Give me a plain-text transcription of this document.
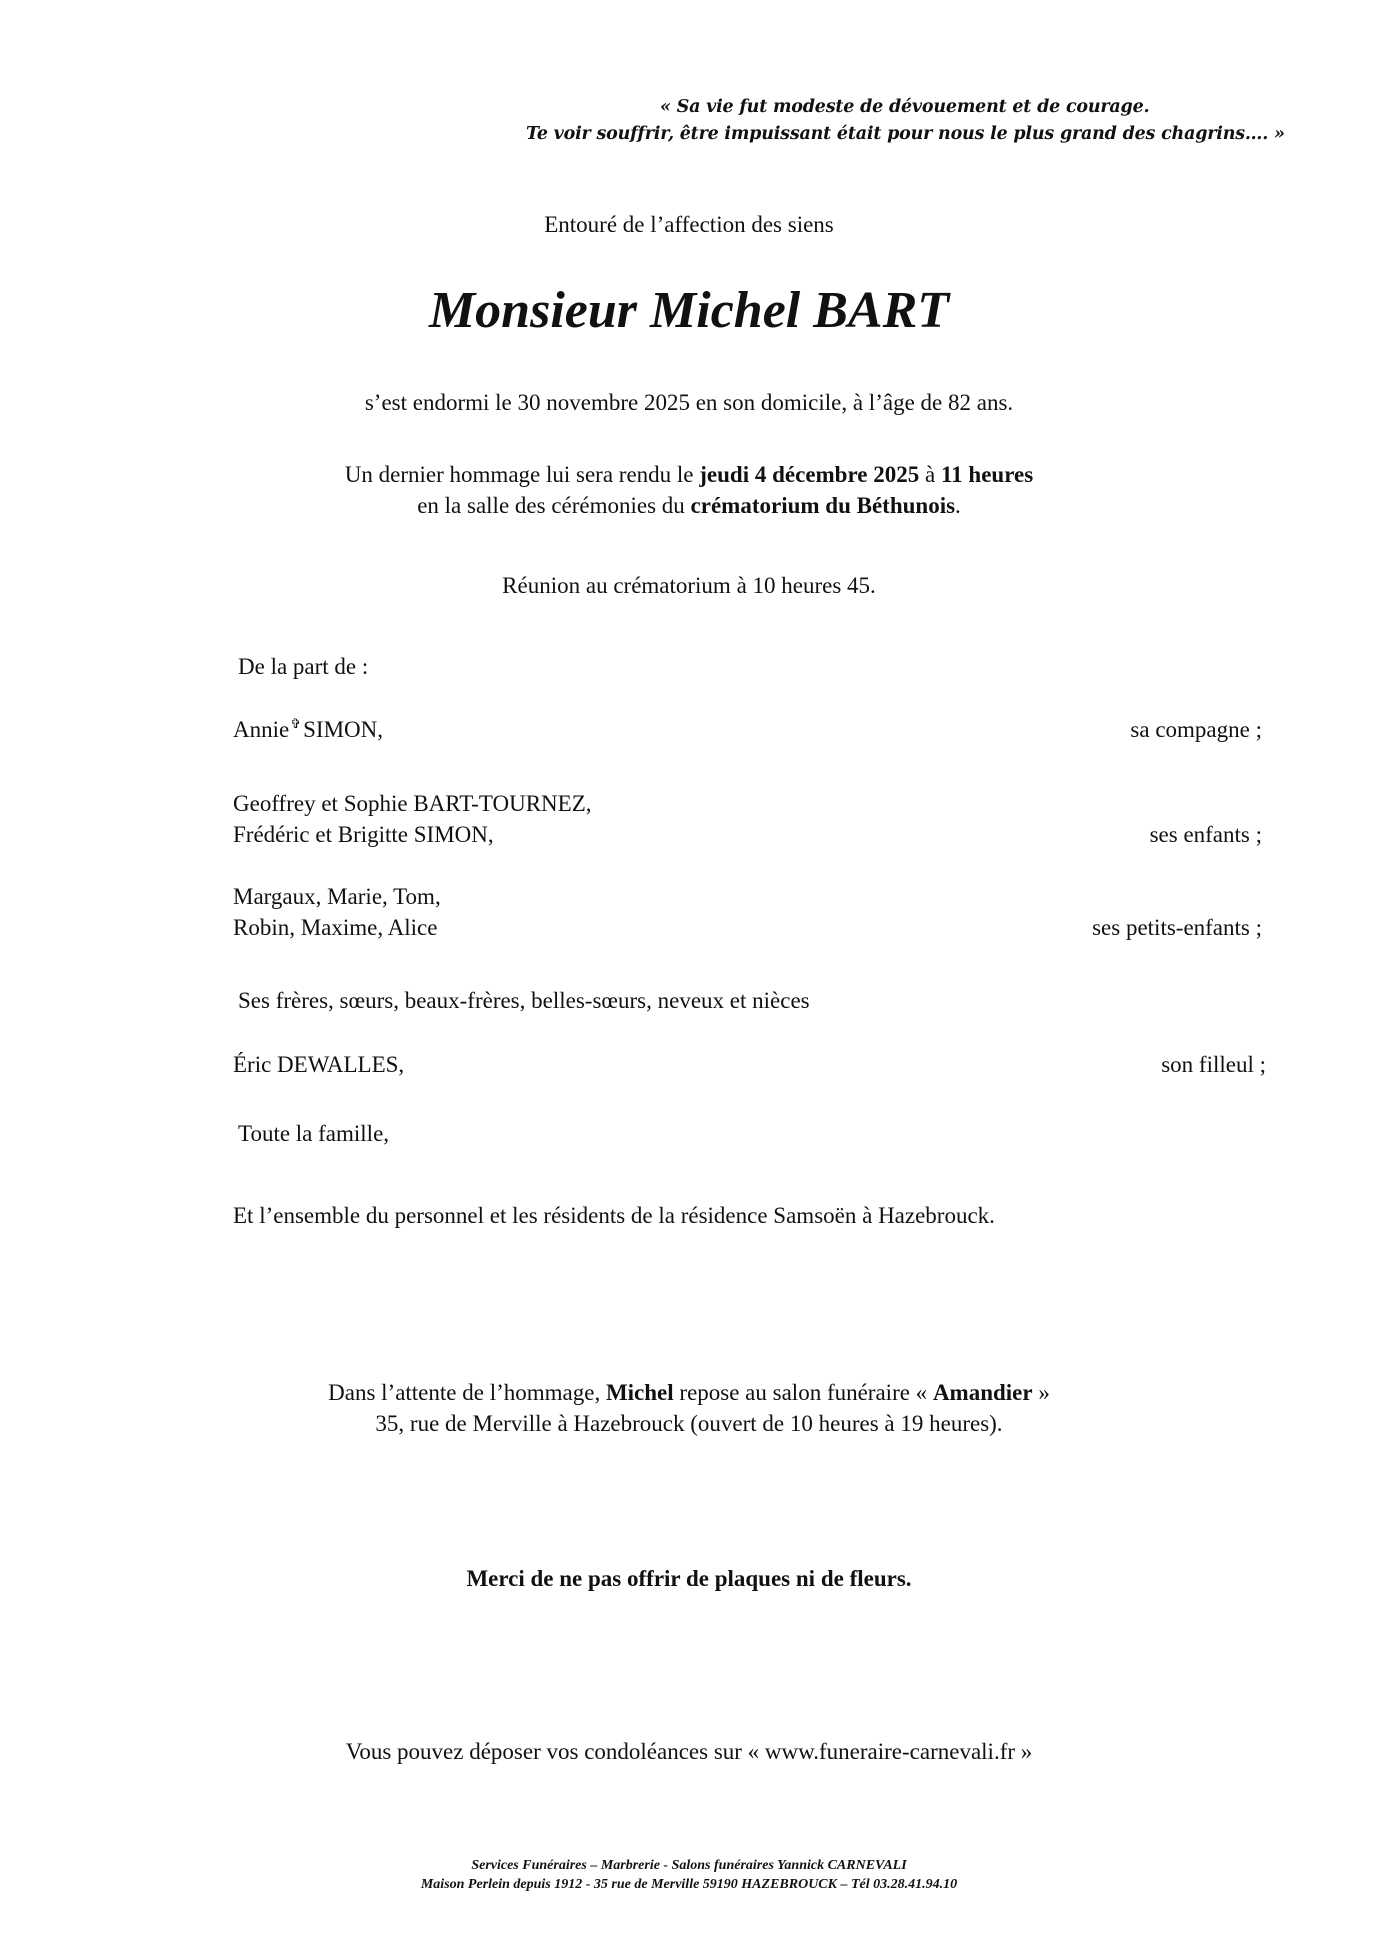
« Sa vie fut modeste de dévouement et de courage.
Te voir souffrir, être impuissant était pour nous le plus grand des chagrins…. »
Entouré de l’affection des siens
Monsieur Michel BART
s’est endormi le 30 novembre 2025 en son domicile, à l’âge de 82 ans.
Un dernier hommage lui sera rendu le jeudi 4 décembre 2025 à 11 heures
en la salle des cérémonies du crématorium du Béthunois.
Réunion au crématorium à 10 heures 45.
De la part de :
Annie✞SIMON,	sa compagne ;
Geoffrey et Sophie BART-TOURNEZ,
Frédéric et Brigitte SIMON,	ses enfants ;
Margaux, Marie, Tom,
Robin, Maxime, Alice	ses petits-enfants ;
Ses frères, sœurs, beaux-frères, belles-sœurs, neveux et nièces
Éric DEWALLES,	son filleul ;
Toute la famille,
Et l’ensemble du personnel et les résidents de la résidence Samsoën à Hazebrouck.
Dans l’attente de l’hommage, Michel repose au salon funéraire « Amandier »
35, rue de Merville à Hazebrouck (ouvert de 10 heures à 19 heures).
Merci de ne pas offrir de plaques ni de fleurs.
Vous pouvez déposer vos condoléances sur « www.funeraire-carnevali.fr »
Services Funéraires – Marbrerie - Salons funéraires Yannick CARNEVALI
Maison Perlein depuis 1912 - 35 rue de Merville 59190 HAZEBROUCK – Tél 03.28.41.94.10
